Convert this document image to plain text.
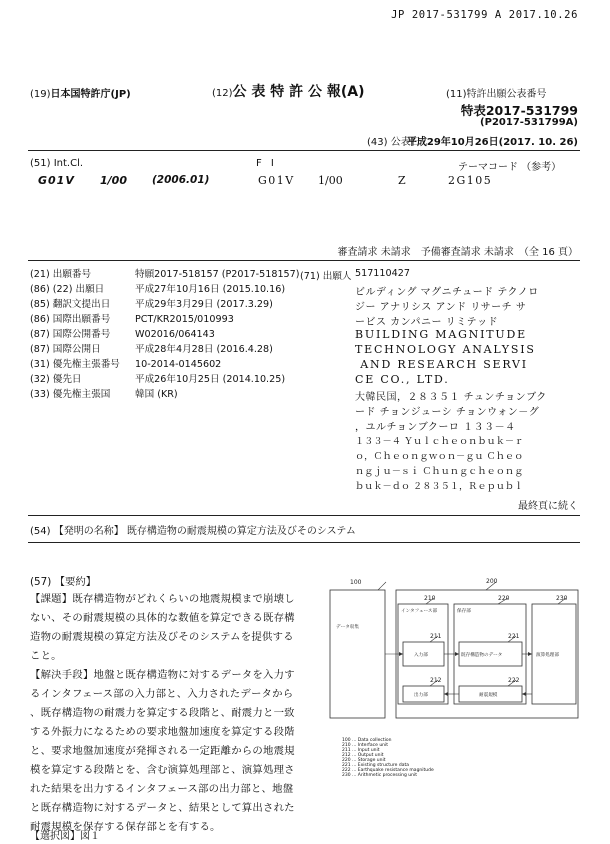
JP 2017-531799 A 2017.10.26
(19)日本国特許庁(JP)	(12)公 表 特 許 公 報(A)	(11)特許出願公表番号
特表2017-531799
(P2017-531799A)
(43) 公表日
平成29年10月26日(2017. 10. 26)
(51) Int.Cl.	F I	テーマコード （参考）
G01V 1/00 (2006.01)	G01V 1/00	Z	2G105
審査請求 未請求　予備審査請求 未請求　（全 16 頁）
(21) 出願番号	特願2017-518157 (P2017-518157)
(86) (22) 出願日	平成27年10月16日 (2015.10.16)
(85) 翻訳文提出日	平成29年3月29日 (2017.3.29)
(86) 国際出願番号	PCT/KR2015/010993
(87) 国際公開番号	W02016/064143
(87) 国際公開日	平成28年4月28日 (2016.4.28)
(31) 優先権主張番号 10-2014-0145602
(32) 優先日	平成26年10月25日 (2014.10.25)
(33) 優先権主張国	韓国 (KR)
(71) 出願人 517110427
ビルディング マグニチュード テクノロ
ジー アナリシス アンド リサーチ サ
ービス カンパニー リミテッド
BUILDING MAGNITUDE
TECHNOLOGY ANALYSIS
AND RESEARCH SERVI
CE CO., LTD.
大韓民国，２８３５１ チュンチョンブク
ード チョンジューシ チョンウォン－グ
，ユルチョンブクーロ １３３－４
１３３－４ Ｙｕｌｃｈｅｏｎｂｕｋ－ｒ
ｏ，Ｃｈｅｏｎｇｗｏｎ－ｇｕ Ｃｈｅｏ
ｎｇｊｕ－ｓｉ Ｃｈｕｎｇｃｈｅｏｎｇ
ｂｕｋ－ｄｏ ２８３５１，Ｒｅｐｕｂｌ
最終頁に続く
(54) 【発明の名称】 既存構造物の耐震規模の算定方法及びそのシステム
(57) 【要約】
【課題】既存構造物がどれくらいの地震規模まで崩壊し
ない、その耐震規模の具体的な数値を算定できる既存構
造物の耐震規模の算定方法及びそのシステムを提供する
こと。
【解決手段】地盤と既存構造物に対するデータを入力す
るインタフェース部の入力部と、入力されたデータから
、既存構造物の耐震力を算定する段階と、耐震力と一致
する外振力になるための要求地盤加速度を算定する段階
と、要求地盤加速度が発揮される一定距離からの地震規
模を算定する段階とを、含む演算処理部と、演算処理さ
れた結果を出力するインタフェース部の出力部と、地盤
と既存構造物に対するデータと、結果として算出された
耐震規模を保存する保存部とを有する。
【選択図】図１
100	200
210	220	230
211	221
212	222
データ収集
インタフェース部
入力部
出力部
保存部
既存構造物のデータ
耐震規模
演算処理部
100 ... Data collection
210 ... Interface unit
211 ... Input unit
212 ... Output unit
220 ... Storage unit
221 ... Existing structure data
222 ... Earthquake resistance magnitude
230 ... Arithmetic processing unit
